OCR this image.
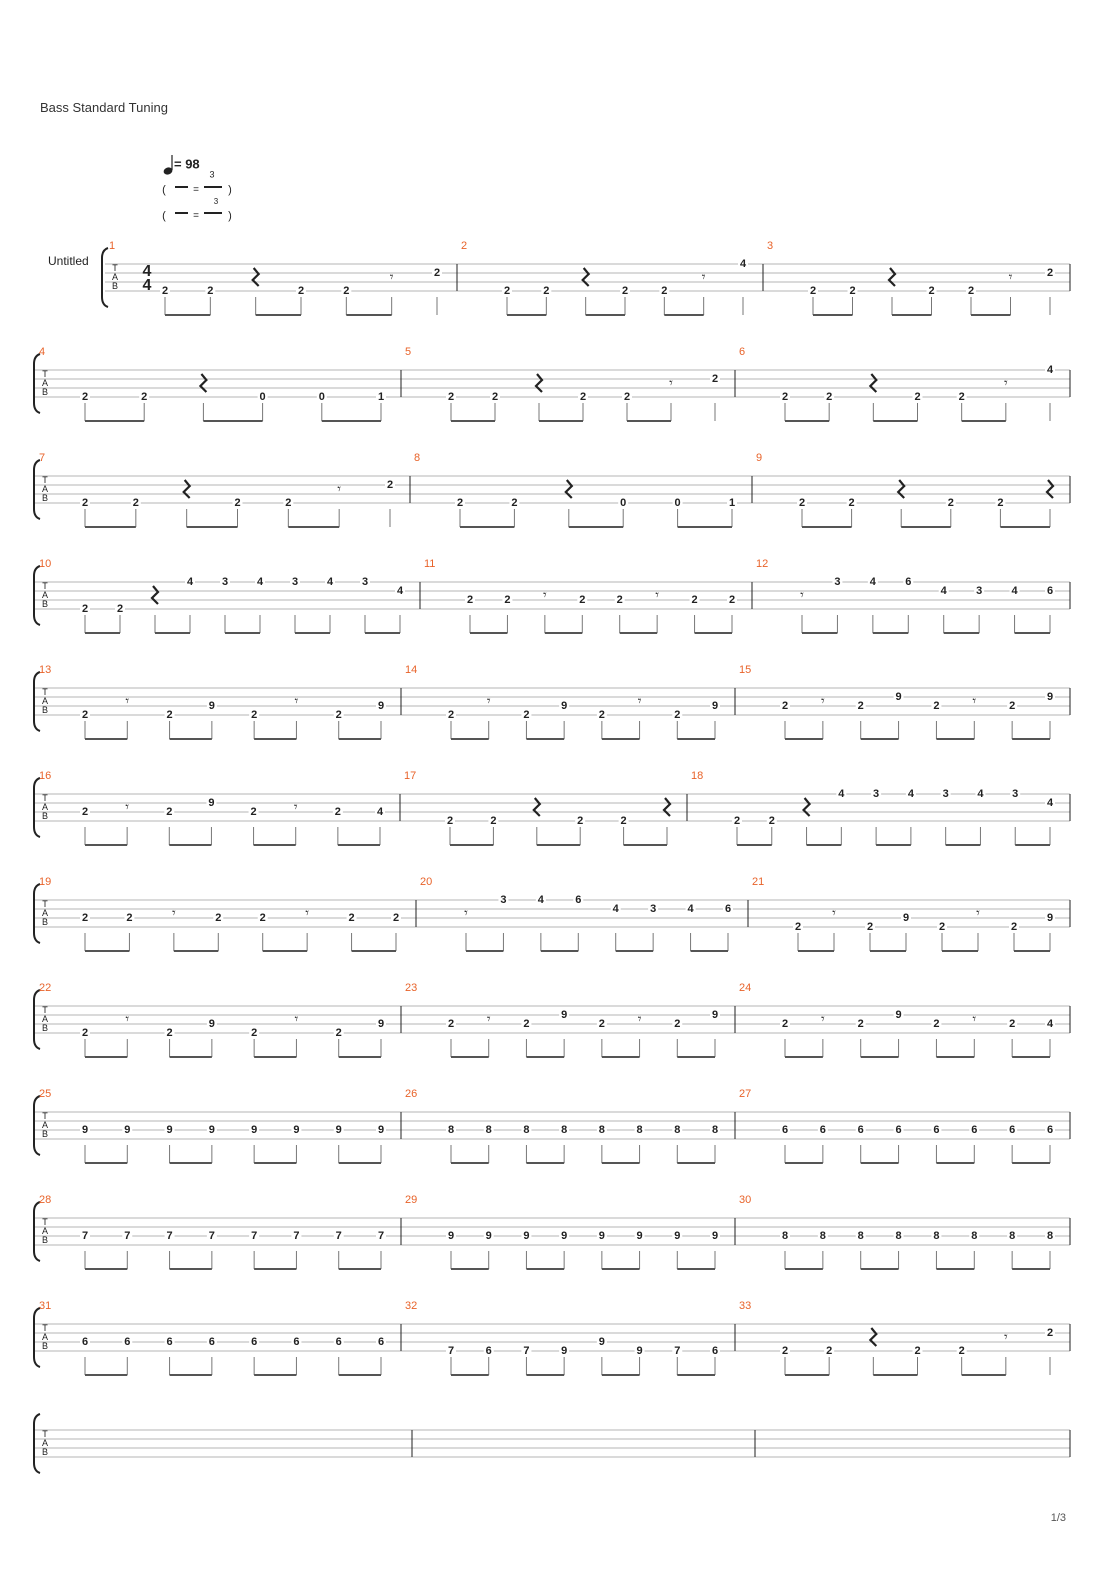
Bass Standard Tuning
= 98
3
(	)
=
(	)
=
3
Untitled	T
A
B
4
4
1
2	2	2	2
𝄾	2
2
2	2	2	2
𝄾
4
3
2	2	2	2
𝄾	2
T
A
B
4
2	2	0	0	1
5
2	2	2	2
𝄾	2
6
2	2	2	2
𝄾
4
T
A
B
7
2	2	2	2
𝄾	2
8
2	2	0	0	1
9
2	2	2	2
T
A
B
10
2	2
4	3	4	3	4	3
4
11
2	2 𝄾	2	2 𝄾	2	2
12
𝄾
3	4	6
4	3	4	6
T
A
B
13
2
𝄾
2
9
2
𝄾
2
9
14
2
𝄾
2
9
2
𝄾
2
9
15
2 𝄾	2
9
2 𝄾	2
9
T
A
B
16
2	𝄾	2
9
2	𝄾	2	4
17
2	2	2	2
18
2	2
4	3	4	3	4	3
4
T
A
B
19
2	2	𝄾	2	2	𝄾	2	2
20
𝄾
3	4	6
4	3	4	6
21
2
𝄾
2
9
2
𝄾
2
9
T
A
B
22
2
𝄾
2
9
2
𝄾
2
9
23
2 𝄾	2
9
2 𝄾	2
9
24
2 𝄾	2
9
2 𝄾	2	4
T
A
B
25
9	9	9	9	9	9	9	9
26
8	8	8	8	8	8	8	8
27
6	6	6	6	6	6	6	6
T
A
B
28
7	7	7	7	7	7	7	7
29
9	9	9	9	9	9	9	9
30
8	8	8	8	8	8	8	8
T
A
B
31
6	6	6	6	6	6	6	6
32
7	6	7	9
9
9	7	6
33
2	2	2	2
𝄾	2
T
A
B
1/3
